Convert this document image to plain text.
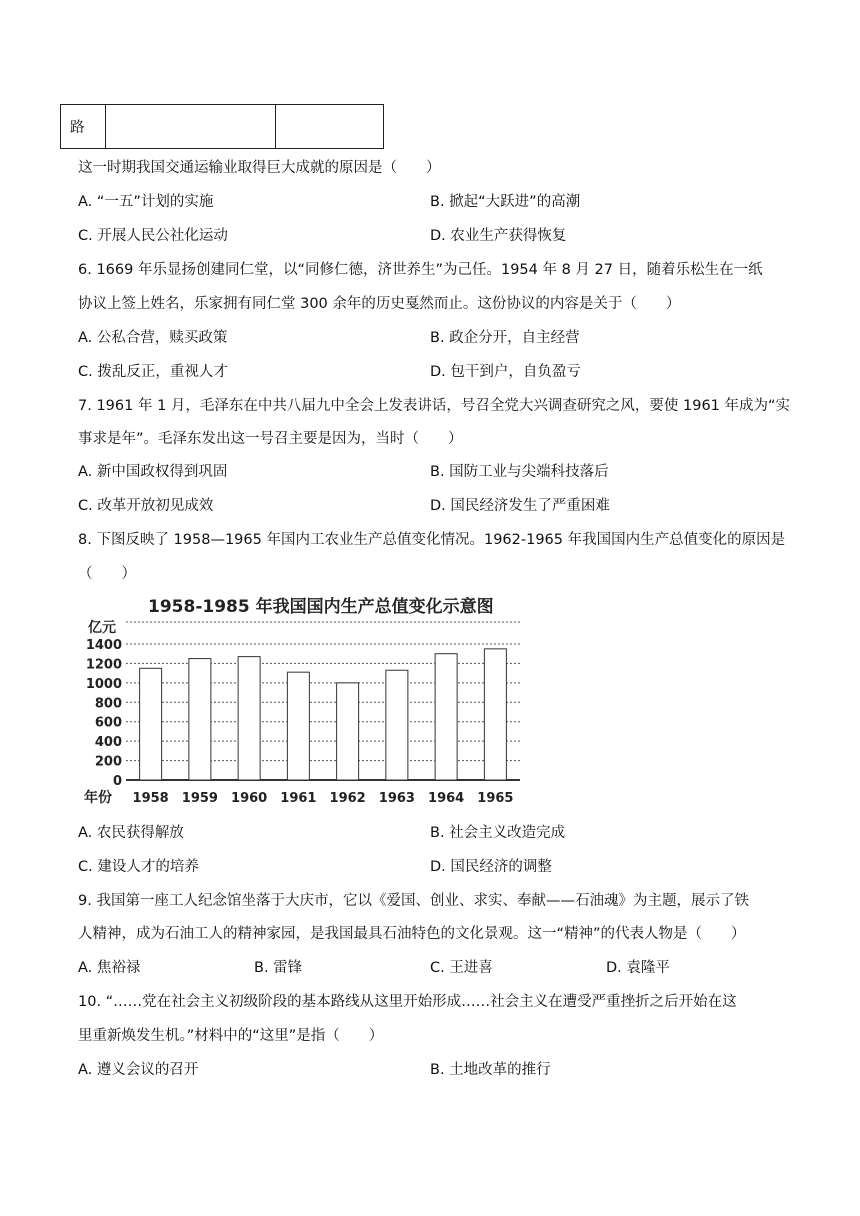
路		
这一时期我国交通运输业取得巨大成就的原因是（　　）
A. “一五”计划的实施	B. 掀起“大跃进”的高潮
C. 开展人民公社化运动	D. 农业生产获得恢复
6. 1669 年乐显扬创建同仁堂，以“同修仁德，济世养生”为己任。1954 年 8 月 27 日，随着乐松生在一纸
协议上签上姓名，乐家拥有同仁堂 300 余年的历史戛然而止。这份协议的内容是关于（　　）
A. 公私合营，赎买政策	B. 政企分开，自主经营
C. 拨乱反正，重视人才	D. 包干到户，自负盈亏
7. 1961 年 1 月，毛泽东在中共八届九中全会上发表讲话，号召全党大兴调查研究之风，要使 1961 年成为“实
事求是年”。毛泽东发出这一号召主要是因为，当时（　　）
A. 新中国政权得到巩固	B. 国防工业与尖端科技落后
C. 改革开放初见成效	D. 国民经济发生了严重困难
8. 下图反映了 1958—1965 年国内工农业生产总值变化情况。1962-1965 年我国国内生产总值变化的原因是
（　　）
1958-1985 年我国国内生产总值变化示意图
亿元
年份
0
200
400
600
800
1000
1200
1400
1958 1959 1960 1961 1962 1963 1964 1965
A. 农民获得解放	B. 社会主义改造完成
C. 建设人才的培养	D. 国民经济的调整
9. 我国第一座工人纪念馆坐落于大庆市，它以《爱国、创业、求实、奉献——石油魂》为主题，展示了铁
人精神，成为石油工人的精神家园，是我国最具石油特色的文化景观。这一“精神”的代表人物是（　　）
A. 焦裕禄	B. 雷锋	C. 王进喜	D. 袁隆平
10. “……党在社会主义初级阶段的基本路线从这里开始形成……社会主义在遭受严重挫折之后开始在这
里重新焕发生机。”材料中的“这里”是指（　　）
A. 遵义会议的召开	B. 土地改革的推行
